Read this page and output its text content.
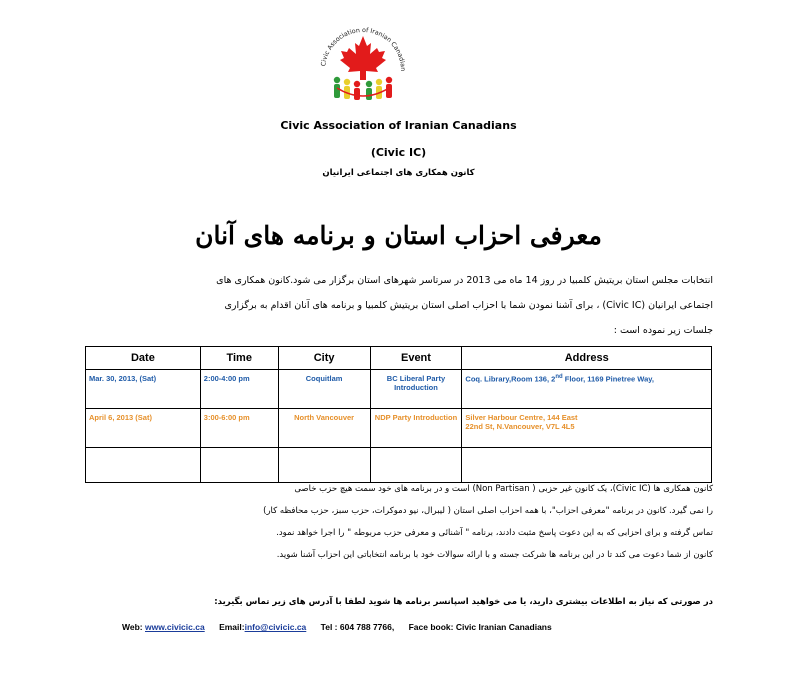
Civic Association of Iranian Canadian
Civic Association of Iranian Canadians
(Civic IC)
کانون همکاری های اجتماعی ایرانیان
معرفی احزاب استان و برنامه های آنان
انتخابات مجلس استان بریتیش کلمبیا در روز 14 ماه می 2013 در سرتاسر شهرهای استان برگزار می شود.کانون همکاری های
اجتماعی ایرانیان (Civic IC) ، برای آشنا نمودن شما با احزاب اصلی استان بریتیش کلمبیا و برنامه های آنان اقدام به برگزاری
جلسات زیر نموده است :
Date	Time	City	Event	Address
Mar. 30, 2013, (Sat)	2:00-4:00 pm	Coquitlam	BC Liberal Party Introduction	Coq. Library,Room 136, 2nd Floor, 1169 Pinetree Way,
April 6, 2013 (Sat)	3:00-6:00 pm	North Vancouver	NDP Party Introduction	Silver Harbour Centre, 144 East
22nd St, N.Vancouver, V7L 4L5

کانون همکاری ها (Civic IC)، یک کانون غیر حزبی ( Non Partisan) است و در برنامه های خود سمت هیچ حزب خاصی
را نمی گیرد. کانون در برنامه "معرفی احزاب"، با همه احزاب اصلی استان ( لیبرال، نیو دموکرات، حزب سبز، حزب محافظه کار)
تماس گرفته و برای احزابی که به این دعوت پاسخ مثبت دادند، برنامه " آشنائی و معرفی حزب مربوطه " را اجرا خواهد نمود.
کانون از شما دعوت می کند تا در این برنامه ها شرکت جسته و با ارائه سوالات خود با برنامه انتخاباتی این احزاب آشنا شوید.
در صورتی که نیاز به اطلاعات بیشتری دارید، یا می خواهید اسپانسر برنامه ها شوید لطفا با آدرس های زیر تماس بگیرید:
Web: www.civicic.ca Email:info@civicic.ca Tel : 604 788 7766, Face book: Civic Iranian Canadians
